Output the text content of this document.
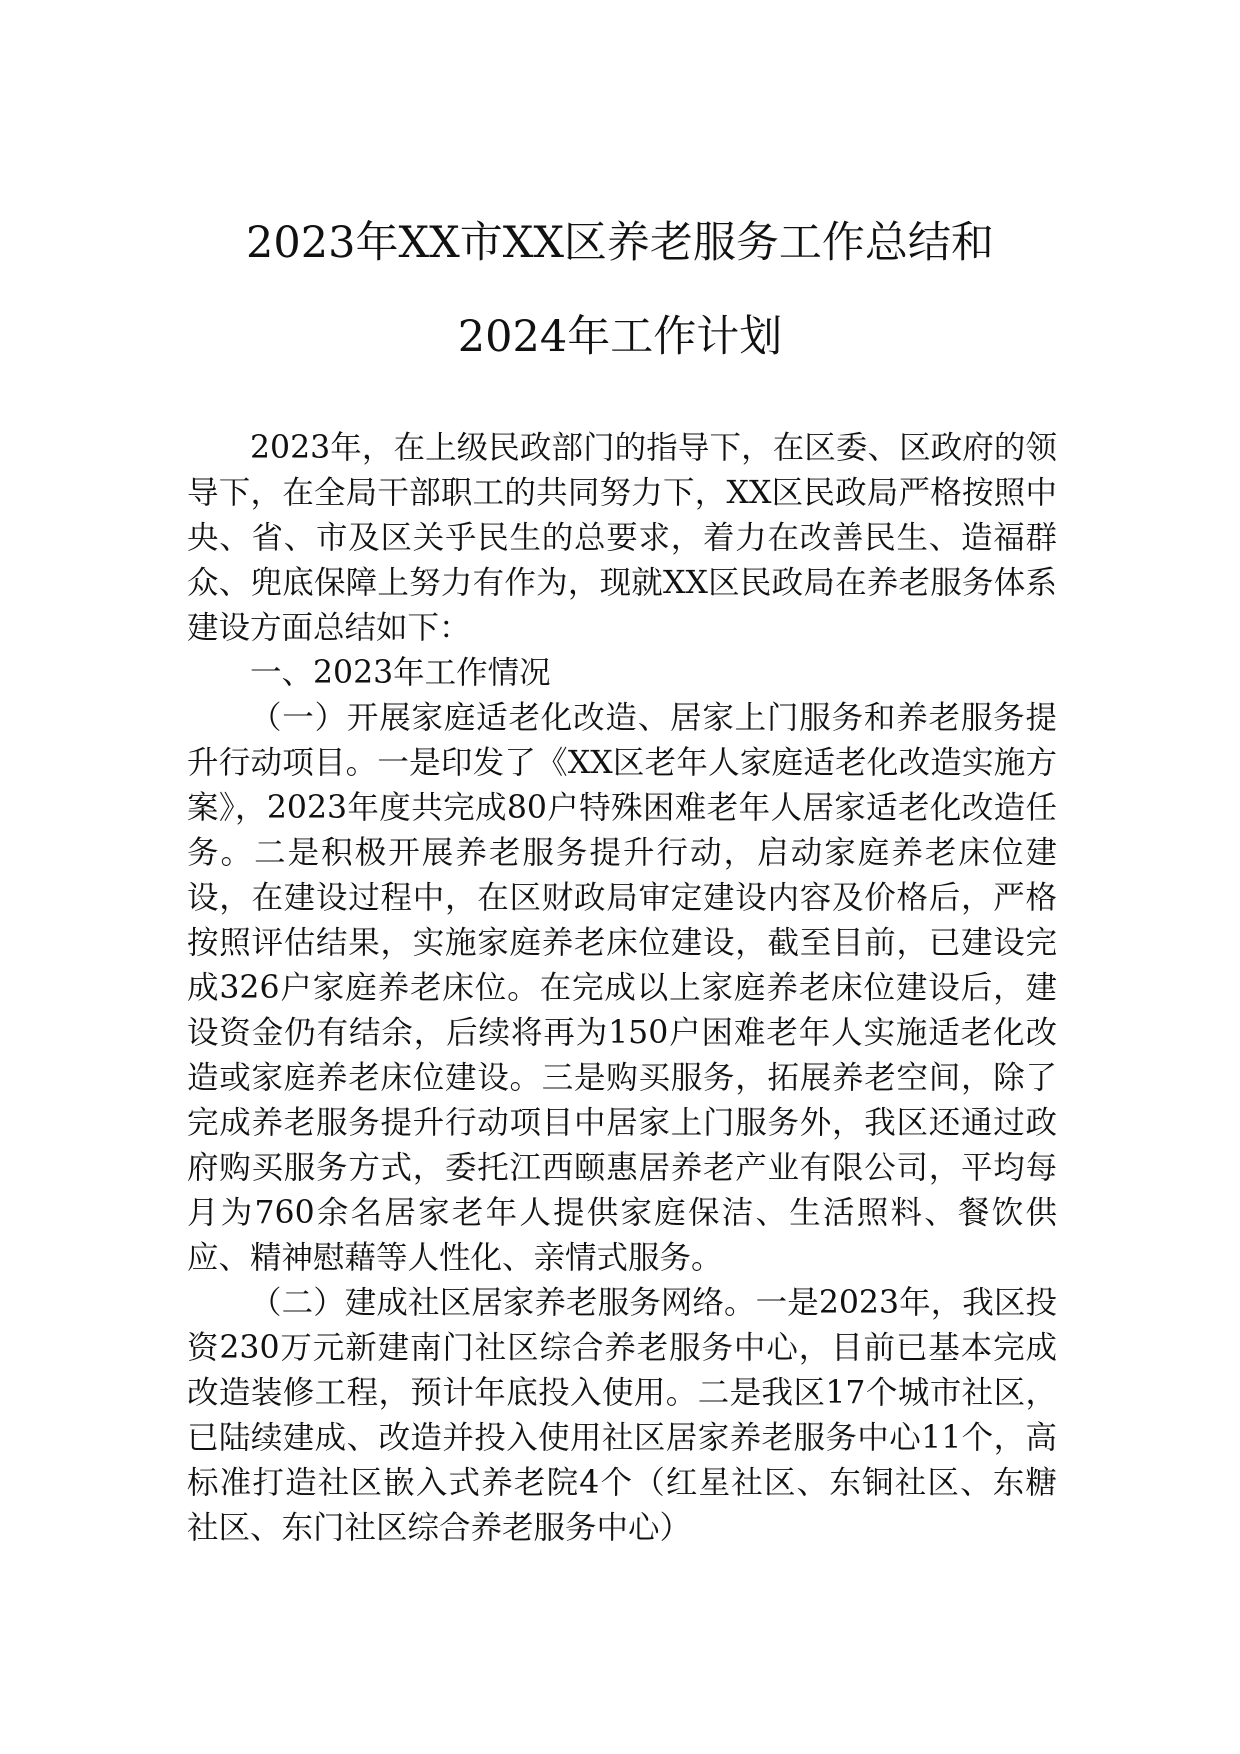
2023年XX市XX区养老服务工作总结和
2024年工作计划

2023年，在上级民政部门的指导下，在区委、区政府的领导下，在全局干部职工的共同努力下，XX区民政局严格按照中央、省、市及区关乎民生的总要求，着力在改善民生、造福群众、兜底保障上努力有作为，现就XX区民政局在养老服务体系建设方面总结如下：

一、2023年工作情况

（一）开展家庭适老化改造、居家上门服务和养老服务提升行动项目。一是印发了《XX区老年人家庭适老化改造实施方案》，2023年度共完成80户特殊困难老年人居家适老化改造任务。二是积极开展养老服务提升行动，启动家庭养老床位建设，在建设过程中，在区财政局审定建设内容及价格后，严格按照评估结果，实施家庭养老床位建设，截至目前，已建设完成326户家庭养老床位。在完成以上家庭养老床位建设后，建设资金仍有结余，后续将再为150户困难老年人实施适老化改造或家庭养老床位建设。三是购买服务，拓展养老空间，除了完成养老服务提升行动项目中居家上门服务外，我区还通过政府购买服务方式，委托江西颐惠居养老产业有限公司，平均每月为760余名居家老年人提供家庭保洁、生活照料、餐饮供应、精神慰藉等人性化、亲情式服务。

（二）建成社区居家养老服务网络。一是2023年，我区投资230万元新建南门社区综合养老服务中心，目前已基本完成改造装修工程，预计年底投入使用。二是我区17个城市社区，已陆续建成、改造并投入使用社区居家养老服务中心11个，高标准打造社区嵌入式养老院4个（红星社区、东铜社区、东糖社区、东门社区综合养老服务中心）
